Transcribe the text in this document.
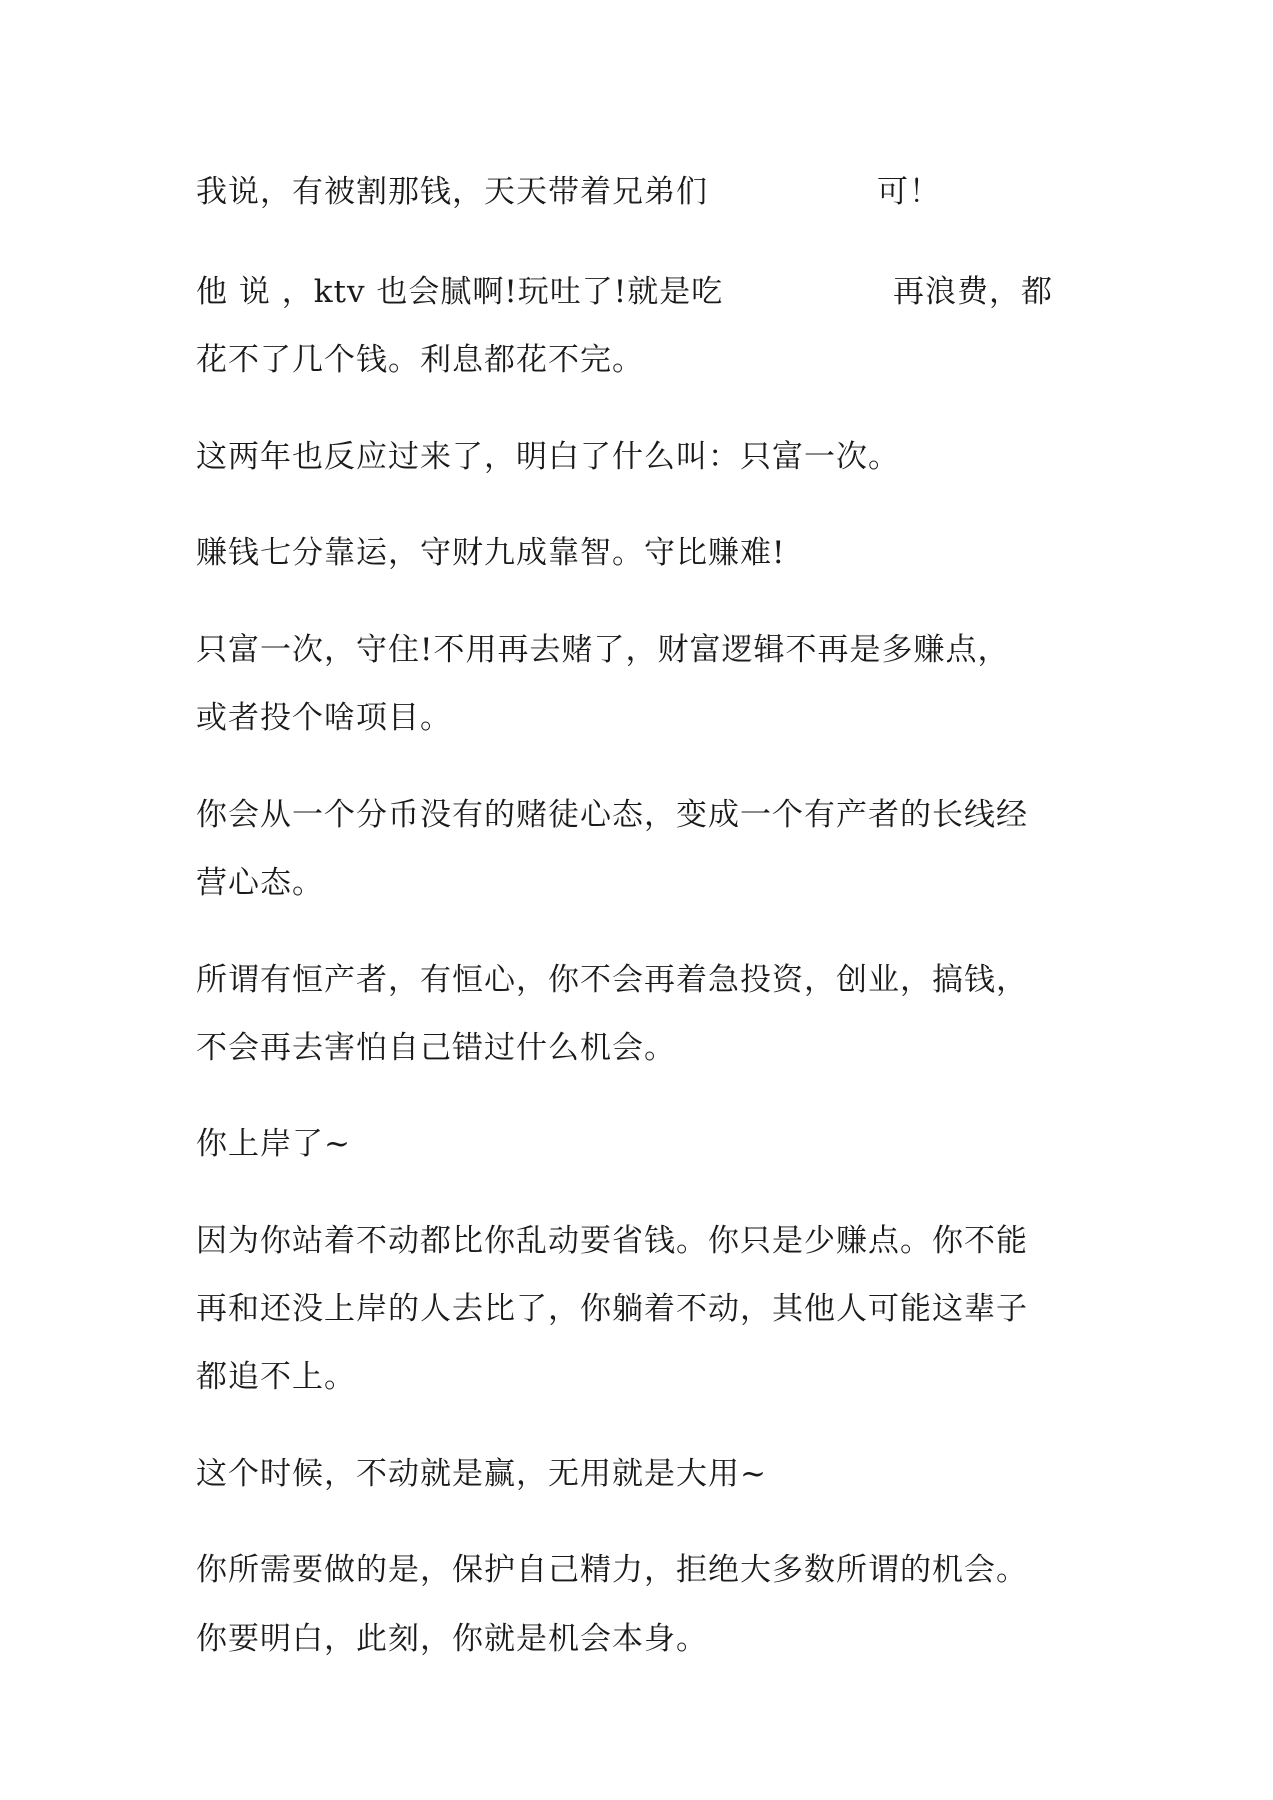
我说，有被割那钱，天天带着兄弟们	可！
他 说 ，ktv 也会腻啊!玩吐了!就是吃	再浪费，都
花不了几个钱。利息都花不完。
这两年也反应过来了，明白了什么叫：只富一次。
赚钱七分靠运，守财九成靠智。守比赚难!
只富一次，守住!不用再去赌了，财富逻辑不再是多赚点，
或者投个啥项目。
你会从一个分币没有的赌徒心态，变成一个有产者的长线经
营心态。
所谓有恒产者，有恒心，你不会再着急投资，创业，搞钱，
不会再去害怕自己错过什么机会。
你上岸了~
因为你站着不动都比你乱动要省钱。你只是少赚点。你不能
再和还没上岸的人去比了，你躺着不动，其他人可能这辈子
都追不上。
这个时候，不动就是赢，无用就是大用~
你所需要做的是，保护自己精力，拒绝大多数所谓的机会。
你要明白，此刻，你就是机会本身。
